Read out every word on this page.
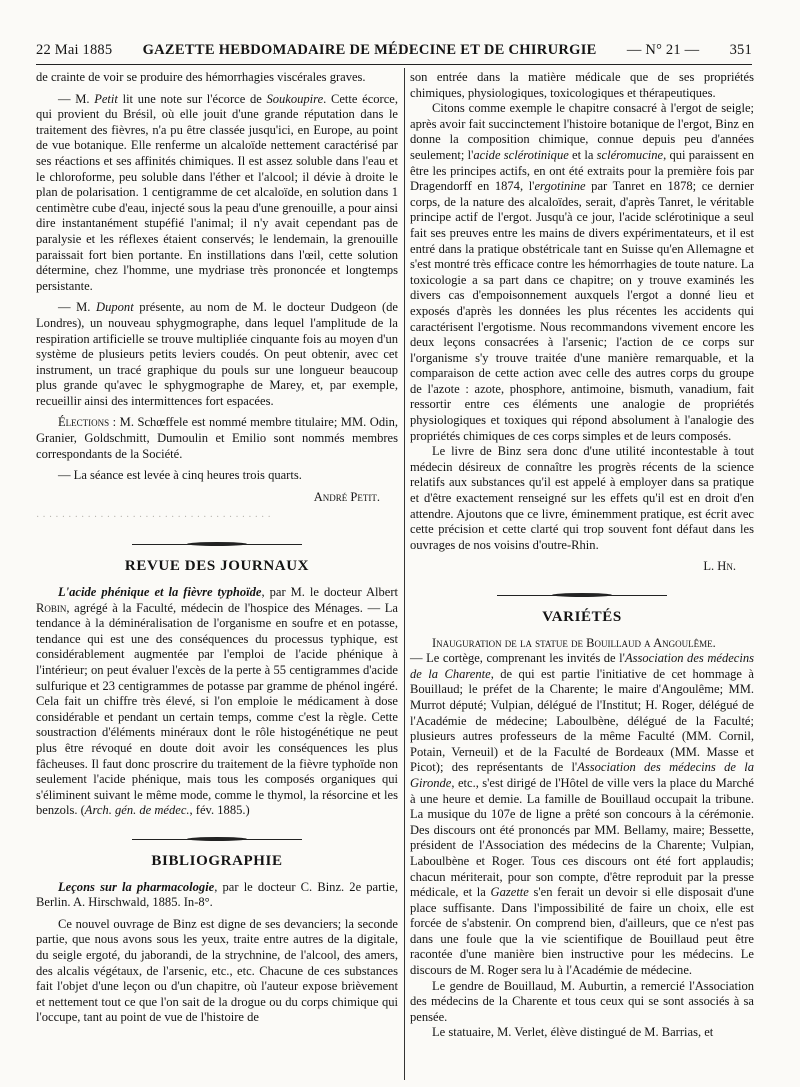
22 Mai 1885 GAZETTE HEBDOMADAIRE DE MÉDECINE ET DE CHIRURGIE — N° 21 — 351

de crainte de voir se produire des hémorrhagies viscérales graves.

— M. Petit lit une note sur l'écorce de Soukoupire. Cette écorce, qui provient du Brésil, où elle jouit d'une grande réputation dans le traitement des fièvres, n'a pu être classée jusqu'ici, en Europe, au point de vue botanique. Elle renferme un alcaloïde nettement caractérisé par ses réactions et ses affinités chimiques. Il est assez soluble dans l'eau et le chloroforme, peu soluble dans l'éther et l'alcool; il dévie à droite le plan de polarisation. 1 centigramme de cet alcaloïde, en solution dans 1 centimètre cube d'eau, injecté sous la peau d'une grenouille, a pour ainsi dire instantanément stupéfié l'animal; il n'y avait cependant pas de paralysie et les réflexes étaient conservés; le lendemain, la grenouille paraissait fort bien portante. En instillations dans l'œil, cette solution détermine, chez l'homme, une mydriase très prononcée et longtemps persistante.

— M. Dupont présente, au nom de M. le docteur Dudgeon (de Londres), un nouveau sphygmographe, dans lequel l'amplitude de la respiration artificielle se trouve multipliée cinquante fois au moyen d'un système de plusieurs petits leviers coudés. On peut obtenir, avec cet instrument, un tracé graphique du pouls sur une longueur beaucoup plus grande qu'avec le sphygmographe de Marey, et, par exemple, recueillir ainsi des intermittences fort espacées.

Élections : M. Schœffele est nommé membre titulaire; MM. Odin, Granier, Goldschmitt, Dumoulin et Emilio sont nommés membres correspondants de la Société.

— La séance est levée à cinq heures trois quarts.

André Petit.

· · · · · · · · · · · · · · · · · · · · · · · · · · · · · · · · · · · · ·

REVUE DES JOURNAUX

L'acide phénique et la fièvre typhoïde, par M. le docteur Albert Robin, agrégé à la Faculté, médecin de l'hospice des Ménages. — La tendance à la déminéralisation de l'organisme en soufre et en potasse, tendance qui est une des conséquences du processus typhique, est considérablement augmentée par l'emploi de l'acide phénique à l'intérieur; on peut évaluer l'excès de la perte à 55 centigrammes d'acide sulfurique et 23 centigrammes de potasse par gramme de phénol ingéré. Cela fait un chiffre très élevé, si l'on emploie le médicament à dose considérable et pendant un certain temps, comme c'est la règle. Cette soustraction d'éléments minéraux dont le rôle histogénétique ne peut plus être révoqué en doute doit avoir les conséquences les plus fâcheuses. Il faut donc proscrire du traitement de la fièvre typhoïde non seulement l'acide phénique, mais tous les composés organiques qui s'éliminent suivant le même mode, comme le thymol, la résorcine et les benzols. (Arch. gén. de médec., fév. 1885.)

BIBLIOGRAPHIE

Leçons sur la pharmacologie, par le docteur C. Binz. 2e partie, Berlin. A. Hirschwald, 1885. In-8°.

Ce nouvel ouvrage de Binz est digne de ses devanciers; la seconde partie, que nous avons sous les yeux, traite entre autres de la digitale, du seigle ergoté, du jaborandi, de la strychnine, de l'alcool, des amers, des alcalis végétaux, de l'arsenic, etc., etc. Chacune de ces substances fait l'objet d'une leçon ou d'un chapitre, où l'auteur expose brièvement et nettement tout ce que l'on sait de la drogue ou du corps chimique qui l'occupe, tant au point de vue de l'histoire de

son entrée dans la matière médicale que de ses propriétés chimiques, physiologiques, toxicologiques et thérapeutiques.

Citons comme exemple le chapitre consacré à l'ergot de seigle; après avoir fait succinctement l'histoire botanique de l'ergot, Binz en donne la composition chimique, connue depuis peu d'années seulement; l'acide sclérotinique et la scléromucine, qui paraissent en être les principes actifs, en ont été extraits pour la première fois par Dragendorff en 1874, l'ergotinine par Tanret en 1878; ce dernier corps, de la nature des alcaloïdes, serait, d'après Tanret, le véritable principe actif de l'ergot. Jusqu'à ce jour, l'acide sclérotinique a seul fait ses preuves entre les mains de divers expérimentateurs, et il est entré dans la pratique obstétricale tant en Suisse qu'en Allemagne et s'est montré très efficace contre les hémorrhagies de toute nature. La toxicologie a sa part dans ce chapitre; on y trouve examinés les divers cas d'empoisonnement auxquels l'ergot a donné lieu et exposés d'après les données les plus récentes les accidents qui caractérisent l'ergotisme. Nous recommandons vivement encore les deux leçons consacrées à l'arsenic; l'action de ce corps sur l'organisme s'y trouve traitée d'une manière remarquable, et la comparaison de cette action avec celle des autres corps du groupe de l'azote : azote, phosphore, antimoine, bismuth, vanadium, fait ressortir entre ces éléments une analogie de propriétés physiologiques et toxiques qui répond absolument à l'analogie des propriétés chimiques de ces corps simples et de leurs composés.

Le livre de Binz sera donc d'une utilité incontestable à tout médecin désireux de connaître les progrès récents de la science relatifs aux substances qu'il est appelé à employer dans sa pratique et d'être exactement renseigné sur les effets qu'il est en droit d'en attendre. Ajoutons que ce livre, éminemment pratique, est écrit avec cette précision et cette clarté qui trop souvent font défaut dans les ouvrages de nos voisins d'outre-Rhin.

L. Hn.

VARIÉTÉS

Inauguration de la statue de Bouillaud a Angoulême.

— Le cortège, comprenant les invités de l'Association des médecins de la Charente, de qui est partie l'initiative de cet hommage à Bouillaud; le préfet de la Charente; le maire d'Angoulême; MM. Murrot député; Vulpian, délégué de l'Institut; H. Roger, délégué de l'Académie de médecine; Laboulbène, délégué de la Faculté; plusieurs autres professeurs de la même Faculté (MM. Cornil, Potain, Verneuil) et de la Faculté de Bordeaux (MM. Masse et Picot); des représentants de l'Association des médecins de la Gironde, etc., s'est dirigé de l'Hôtel de ville vers la place du Marché à une heure et demie. La famille de Bouillaud occupait la tribune. La musique du 107e de ligne a prêté son concours à la cérémonie. Des discours ont été prononcés par MM. Bellamy, maire; Bessette, président de l'Association des médecins de la Charente; Vulpian, Laboulbène et Roger. Tous ces discours ont été fort applaudis; chacun mériterait, pour son compte, d'être reproduit par la presse médicale, et la Gazette s'en ferait un devoir si elle disposait d'une place suffisante. Dans l'impossibilité de faire un choix, elle est forcée de s'abstenir. On comprend bien, d'ailleurs, que ce n'est pas dans une foule que la vie scientifique de Bouillaud peut être racontée d'une manière bien instructive pour les médecins. Le discours de M. Roger sera lu à l'Académie de médecine.

Le gendre de Bouillaud, M. Auburtin, a remercié l'Association des médecins de la Charente et tous ceux qui se sont associés à sa pensée.

Le statuaire, M. Verlet, élève distingué de M. Barrias, et
